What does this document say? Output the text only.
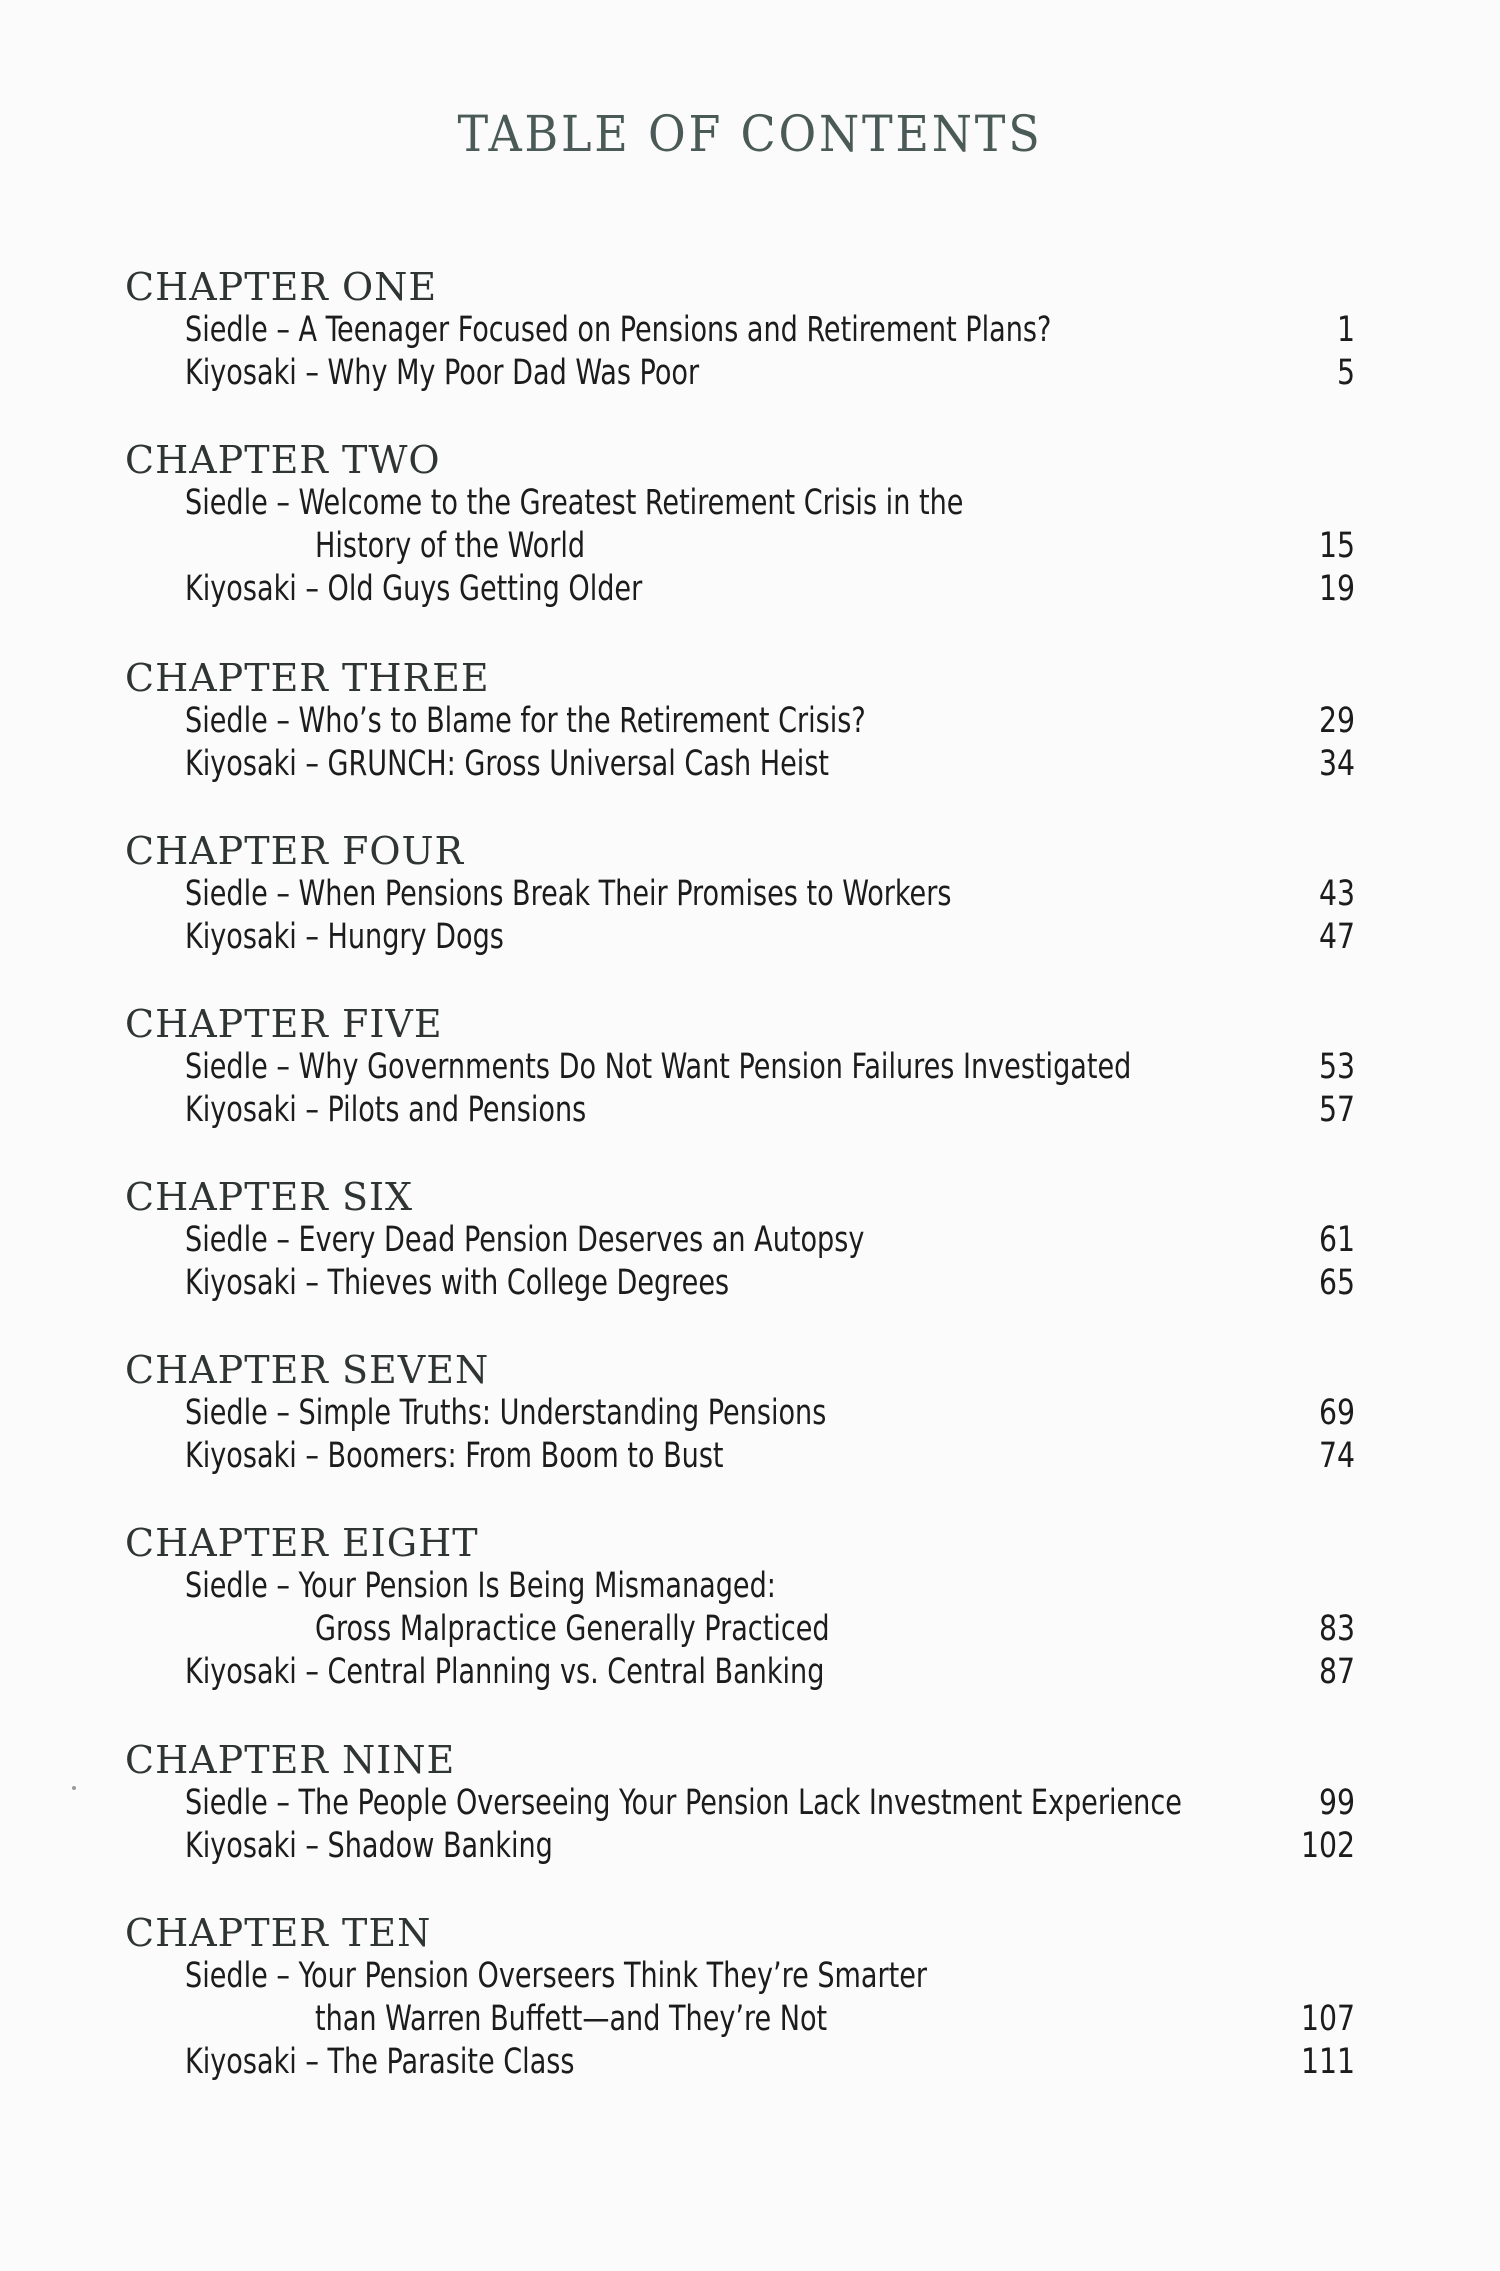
TABLE OF CONTENTS
CHAPTER ONE
Siedle – A Teenager Focused on Pensions and Retirement Plans?	1
Kiyosaki – Why My Poor Dad Was Poor	5
CHAPTER TWO
Siedle – Welcome to the Greatest Retirement Crisis in the
History of the World	15
Kiyosaki – Old Guys Getting Older	19
CHAPTER THREE
Siedle – Who’s to Blame for the Retirement Crisis?	29
Kiyosaki – GRUNCH: Gross Universal Cash Heist	34
CHAPTER FOUR
Siedle – When Pensions Break Their Promises to Workers	43
Kiyosaki – Hungry Dogs	47
CHAPTER FIVE
Siedle – Why Governments Do Not Want Pension Failures Investigated	53
Kiyosaki – Pilots and Pensions	57
CHAPTER SIX
Siedle – Every Dead Pension Deserves an Autopsy	61
Kiyosaki – Thieves with College Degrees	65
CHAPTER SEVEN
Siedle – Simple Truths: Understanding Pensions	69
Kiyosaki – Boomers: From Boom to Bust	74
CHAPTER EIGHT
Siedle – Your Pension Is Being Mismanaged:
Gross Malpractice Generally Practiced	83
Kiyosaki – Central Planning vs. Central Banking	87
CHAPTER NINE
Siedle – The People Overseeing Your Pension Lack Investment Experience	99
Kiyosaki – Shadow Banking	102
CHAPTER TEN
Siedle – Your Pension Overseers Think They’re Smarter
than Warren Buffett—and They’re Not	107
Kiyosaki – The Parasite Class	111
